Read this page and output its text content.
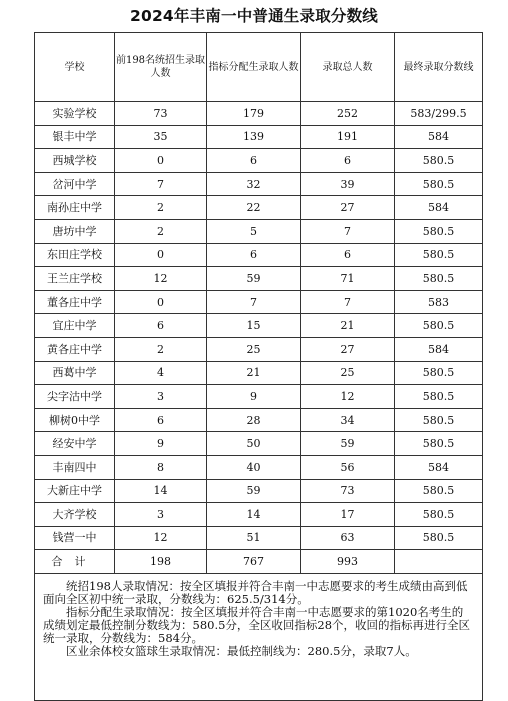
2024年丰南一中普通生录取分数线
学校	前198名统招生录取人数	指标分配生录取人数	录取总人数	最终录取分数线
实验学校	73	179	252	583/299.5
银丰中学	35	139	191	584
西城学校	0	6	6	580.5
岔河中学	7	32	39	580.5
南孙庄中学	2	22	27	584
唐坊中学	2	5	7	580.5
东田庄学校	0	6	6	580.5
王兰庄学校	12	59	71	580.5
董各庄中学	0	7	7	583
宜庄中学	6	15	21	580.5
黄各庄中学	2	25	27	584
西葛中学	4	21	25	580.5
尖字沽中学	3	9	12	580.5
柳树0中学	6	28	34	580.5
经安中学	9	50	59	580.5
丰南四中	8	40	56	584
大新庄中学	14	59	73	580.5
大齐学校	3	14	17	580.5
钱营一中	12	51	63	580.5
合计	198	767	993	

统招198人录取情况：按全区填报并符合丰南一中志愿要求的考生成绩由高到低面向全区初中统一录取，分数线为：625.5/314分。

指标分配生录取情况：按全区填报并符合丰南一中志愿要求的第1020名考生的成绩划定最低控制分数线为：580.5分，全区收回指标28个，收回的指标再进行全区统一录取，分数线为：584分。

区业余体校女篮球生录取情况：最低控制线为：280.5分，录取7人。				
